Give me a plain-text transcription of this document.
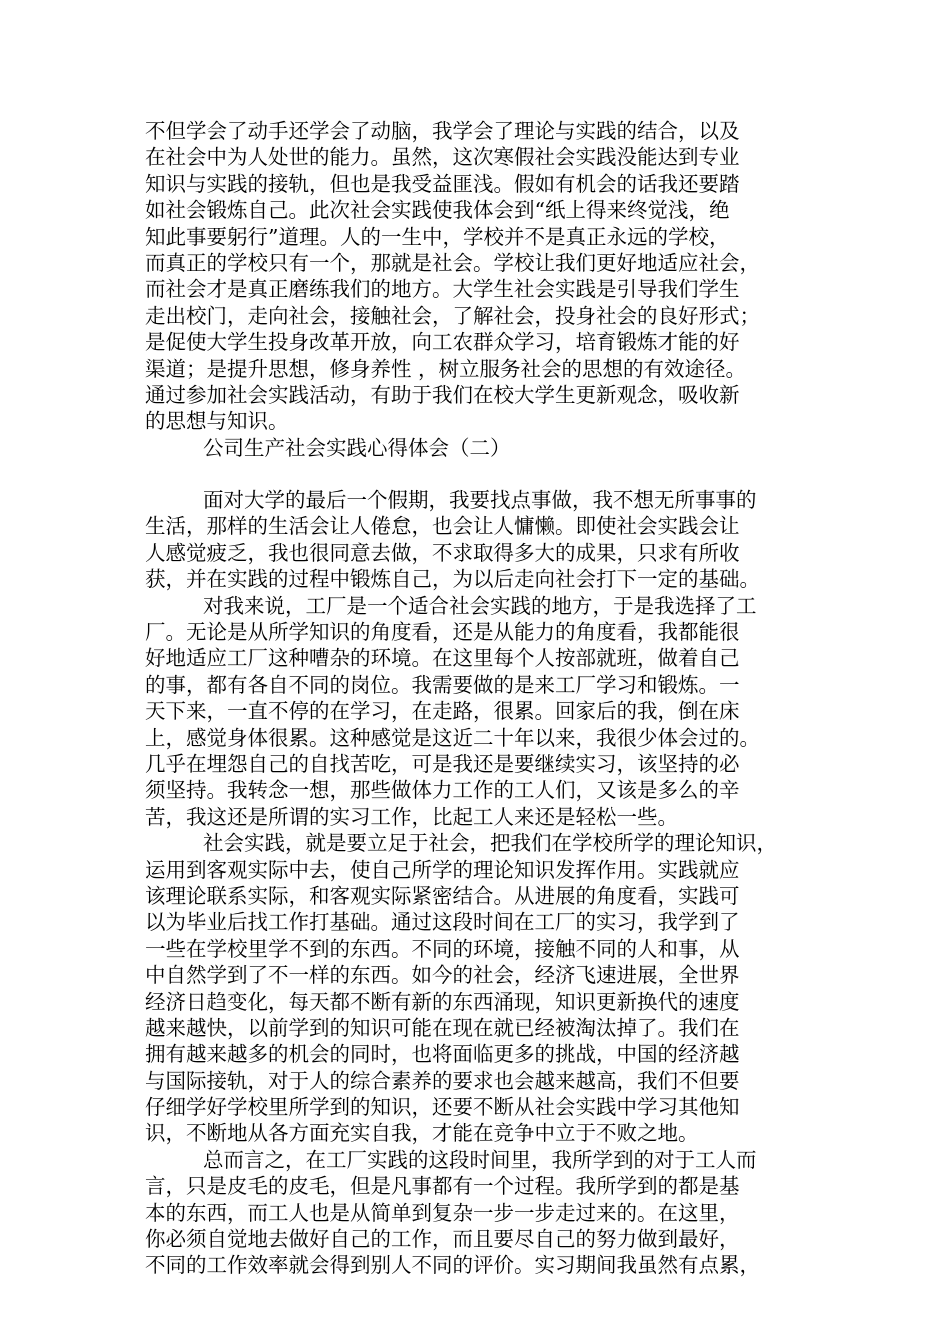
不但学会了动手还学会了动脑，我学会了理论与实践的结合，以及
在社会中为人处世的能力。虽然，这次寒假社会实践没能达到专业
知识与实践的接轨，但也是我受益匪浅。假如有机会的话我还要踏
如社会锻炼自己。此次社会实践使我体会到“纸上得来终觉浅，绝
知此事要躬行”道理。人的一生中，学校并不是真正永远的学校，
而真正的学校只有一个，那就是社会。学校让我们更好地适应社会，
而社会才是真正磨练我们的地方。大学生社会实践是引导我们学生
走出校门，走向社会，接触社会，了解社会，投身社会的良好形式；
是促使大学生投身改革开放，向工农群众学习，培育锻炼才能的好
渠道；是提升思想，修身养性 ，树立服务社会的思想的有效途径。
通过参加社会实践活动，有助于我们在校大学生更新观念，吸收新
的思想与知识。
公司生产社会实践心得体会（二）
面对大学的最后一个假期，我要找点事做，我不想无所事事的
生活，那样的生活会让人倦怠，也会让人慵懒。即使社会实践会让
人感觉疲乏，我也很同意去做，不求取得多大的成果，只求有所收
获，并在实践的过程中锻炼自己，为以后走向社会打下一定的基础。
对我来说，工厂是一个适合社会实践的地方，于是我选择了工
厂。无论是从所学知识的角度看，还是从能力的角度看，我都能很
好地适应工厂这种嘈杂的环境。在这里每个人按部就班，做着自己
的事，都有各自不同的岗位。我需要做的是来工厂学习和锻炼。一
天下来，一直不停的在学习，在走路，很累。回家后的我，倒在床
上，感觉身体很累。这种感觉是这近二十年以来，我很少体会过的。
几乎在埋怨自己的自找苦吃，可是我还是要继续实习，该坚持的必
须坚持。我转念一想，那些做体力工作的工人们，又该是多么的辛
苦，我这还是所谓的实习工作，比起工人来还是轻松一些。
社会实践，就是要立足于社会，把我们在学校所学的理论知识，
运用到客观实际中去，使自己所学的理论知识发挥作用。实践就应
该理论联系实际，和客观实际紧密结合。从进展的角度看，实践可
以为毕业后找工作打基础。通过这段时间在工厂的实习，我学到了
一些在学校里学不到的东西。不同的环境，接触不同的人和事，从
中自然学到了不一样的东西。如今的社会，经济飞速进展，全世界
经济日趋变化，每天都不断有新的东西涌现，知识更新换代的速度
越来越快，以前学到的知识可能在现在就已经被淘汰掉了。我们在
拥有越来越多的机会的同时，也将面临更多的挑战，中国的经济越
与国际接轨，对于人的综合素养的要求也会越来越高，我们不但要
仔细学好学校里所学到的知识，还要不断从社会实践中学习其他知
识，不断地从各方面充实自我，才能在竞争中立于不败之地。
总而言之，在工厂实践的这段时间里，我所学到的对于工人而
言，只是皮毛的皮毛，但是凡事都有一个过程。我所学到的都是基
本的东西，而工人也是从简单到复杂一步一步走过来的。在这里，
你必须自觉地去做好自己的工作，而且要尽自己的努力做到最好，
不同的工作效率就会得到别人不同的评价。实习期间我虽然有点累，
